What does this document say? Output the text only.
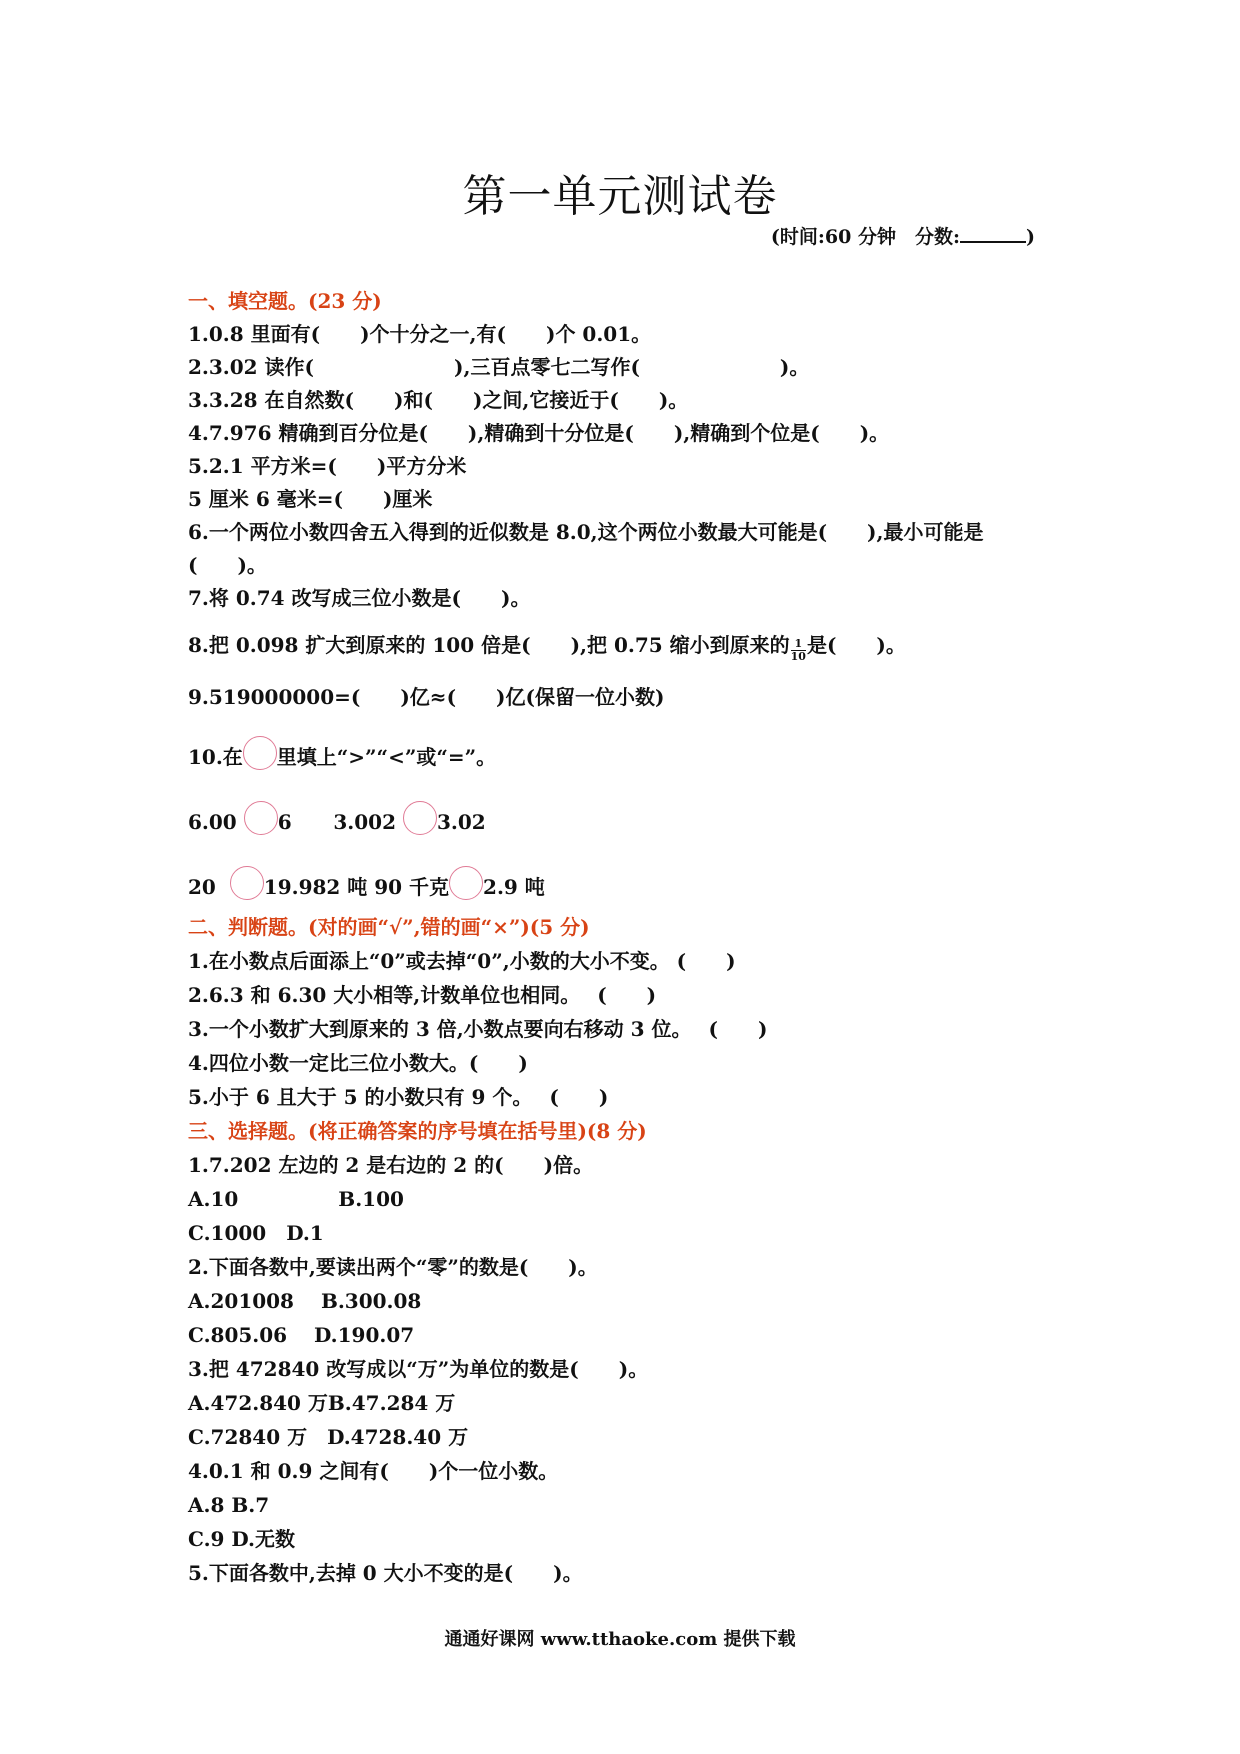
第一单元测试卷
(时间:60 分钟　分数:	)
一、填空题。(23 分)
1.0.8 里面有(　　)个十分之一,有(　　)个 0.01。
2.3.02 读作(　　　　　　　),三百点零七二写作(　　　　　　　)。
3.3.28 在自然数(　　)和(　　)之间,它接近于(　　)。
4.7.976 精确到百分位是(　　),精确到十分位是(　　),精确到个位是(　　)。
5.2.1 平方米=(　　)平方分米
5 厘米 6 毫米=(　　)厘米
6.一个两位小数四舍五入得到的近似数是 8.0,这个两位小数最大可能是(　　),最小可能是
(　　)。
7.将 0.74 改写成三位小数是(　　)。
8.把 0.098 扩大到原来的 100 倍是(　　),把 0.75 缩小到原来的 $\frac{1}{10}$ 是(　　)。
9.519000000=(　　)亿≈(　　)亿(保留一位小数)
10.在 里填上“>”“<”或“=”。
6.00 6 3.002 3.02
20 19.982 吨 90 千克 2.9 吨
二、判断题。(对的画“√”,错的画“×”)(5 分)
1.在小数点后面添上“0”或去掉“0”,小数的大小不变。 (　　)
2.6.3 和 6.30 大小相等,计数单位也相同。　 (　　)
3.一个小数扩大到原来的 3 倍,小数点要向右移动 3 位。　 (　　)
4.四位小数一定比三位小数大。(　　)
5.小于 6 且大于 5 的小数只有 9 个。　 (　　)
三、选择题。(将正确答案的序号填在括号里)(8 分)
1.7.202 左边的 2 是右边的 2 的(　　)倍。
A.10　　　　　B.100
C.1000　D.1
2.下面各数中,要读出两个“零”的数是(　　)。
A.201008　 B.300.08
C.805.06　 D.190.07
3.把 472840 改写成以“万”为单位的数是(　　)。
A.472.840 万B.47.284 万
C.72840 万　D.4728.40 万
4.0.1 和 0.9 之间有(　　)个一位小数。
A.8 B.7
C.9 D.无数
5.下面各数中,去掉 0 大小不变的是(　　)。
通通好课网 www.tthaoke.com 提供下载
